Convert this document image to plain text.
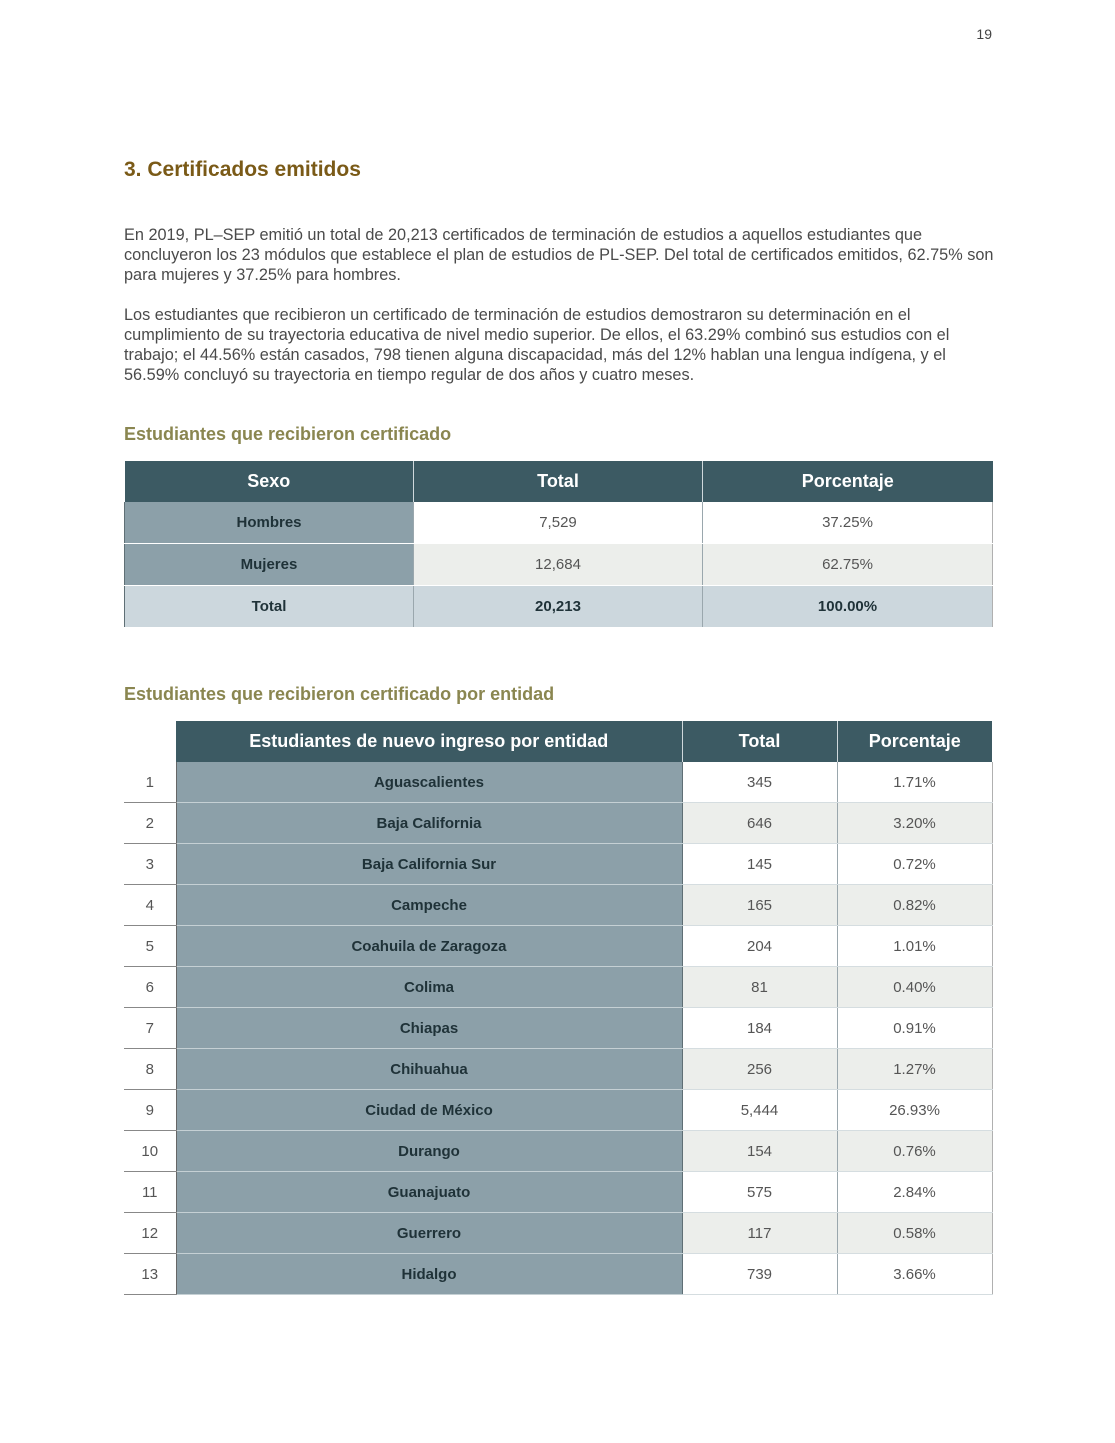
19
3. Certificados emitidos

En 2019, PL–SEP emitió un total de 20,213 certificados de terminación de estudios a aquellos estudiantes que concluyeron los 23 módulos que establece el plan de estudios de PL-SEP. Del total de certificados emitidos, 62.75% son para mujeres y 37.25% para hombres.

Los estudiantes que recibieron un certificado de terminación de estudios demostraron su determinación en el cumplimiento de su trayectoria educativa de nivel medio superior. De ellos, el 63.29% combinó sus estudios con el trabajo; el 44.56% están casados, 798 tienen alguna discapacidad, más del 12% hablan una lengua indígena, y el 56.59% concluyó su trayectoria en tiempo regular de dos años y cuatro meses.

Estudiantes que recibieron certificado
Sexo	Total	Porcentaje
Hombres	7,529	37.25%
Mujeres	12,684	62.75%
Total	20,213	100.00%
Estudiantes que recibieron certificado por entidad
	Estudiantes de nuevo ingreso por entidad	Total	Porcentaje
1	Aguascalientes	345	1.71%
2	Baja California	646	3.20%
3	Baja California Sur	145	0.72%
4	Campeche	165	0.82%
5	Coahuila de Zaragoza	204	1.01%
6	Colima	81	0.40%
7	Chiapas	184	0.91%
8	Chihuahua	256	1.27%
9	Ciudad de México	5,444	26.93%
10	Durango	154	0.76%
11	Guanajuato	575	2.84%
12	Guerrero	117	0.58%
13	Hidalgo	739	3.66%
